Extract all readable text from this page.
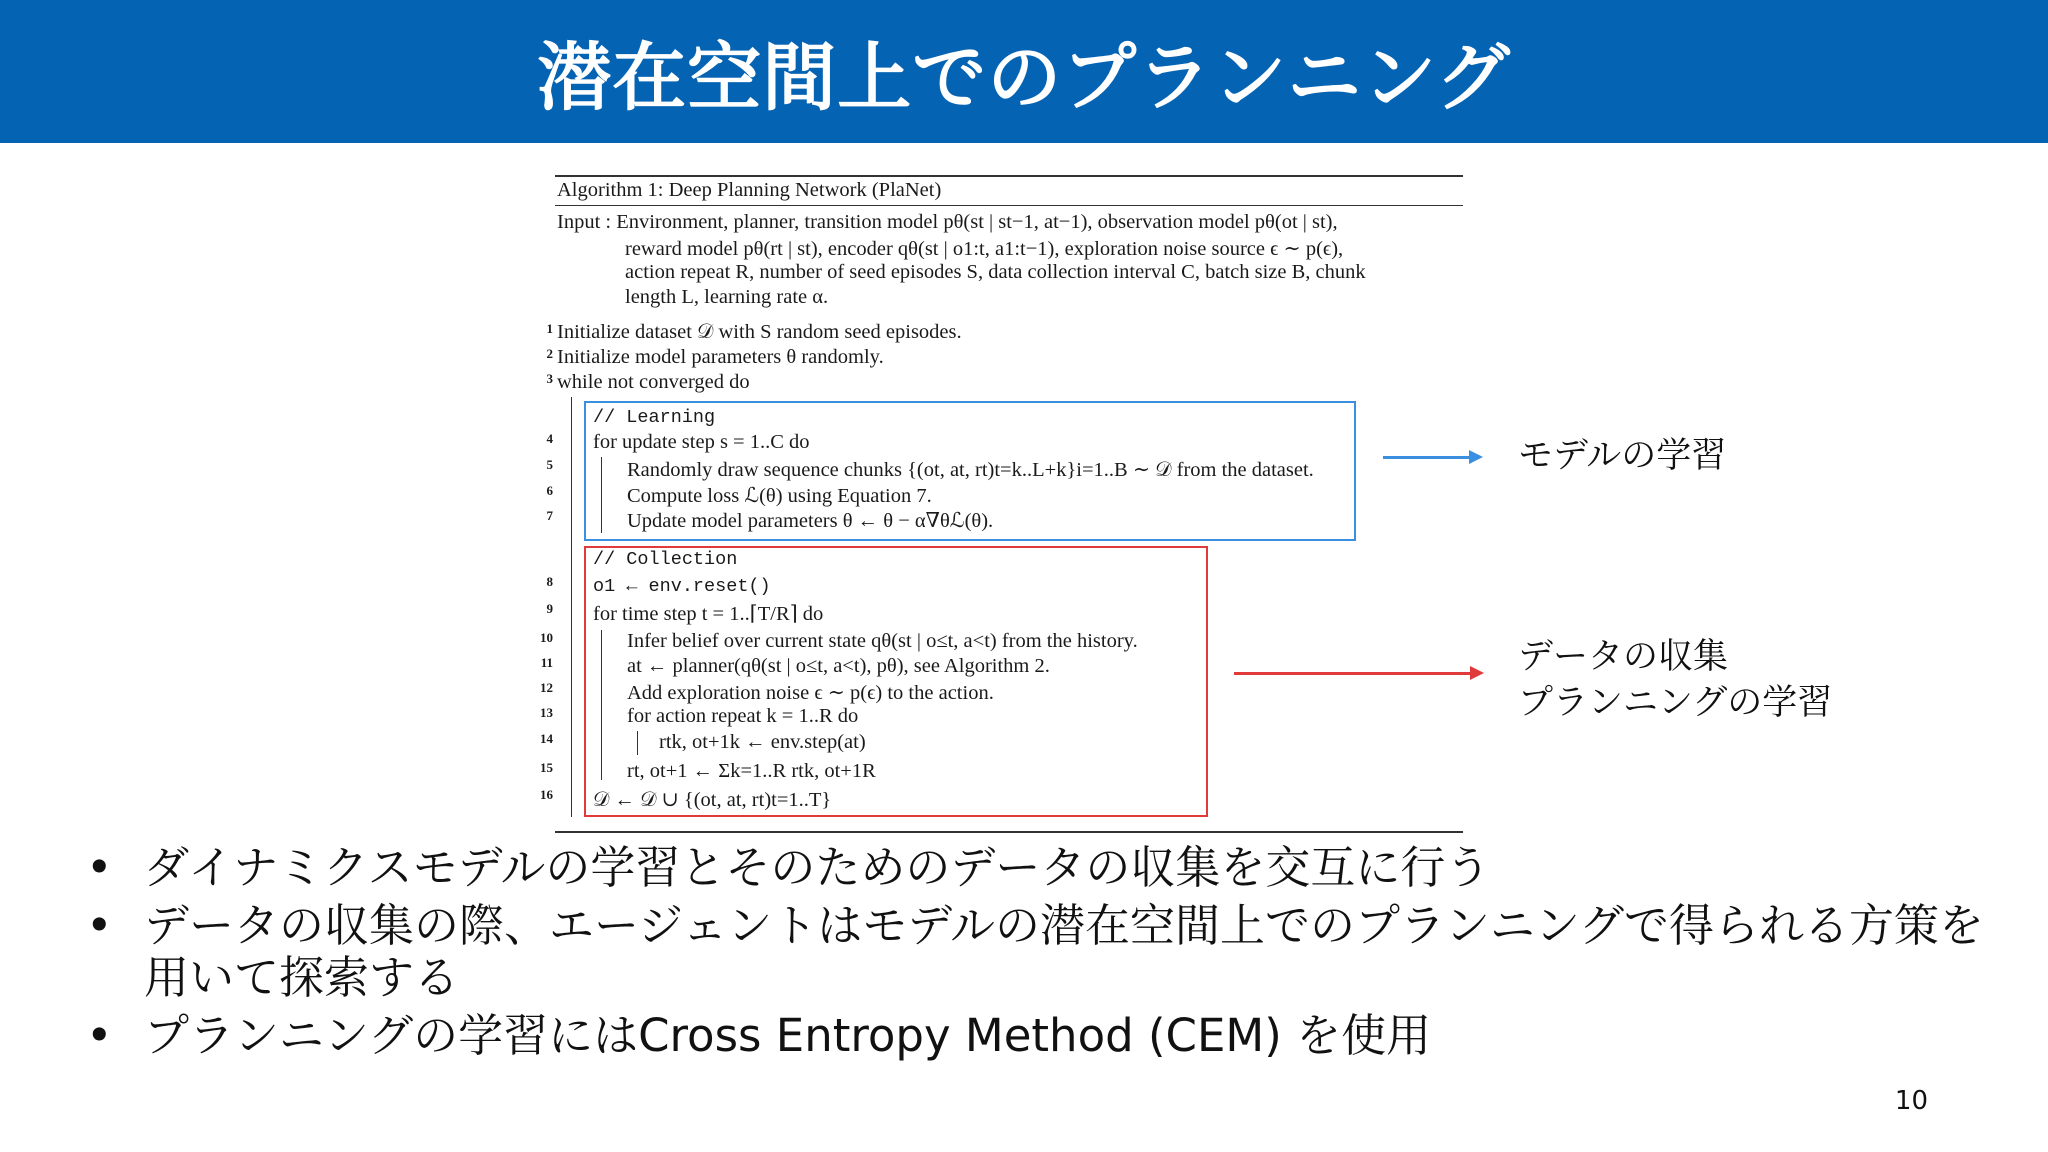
潜在空間上でのプランニング
Algorithm 1: Deep Planning Network (PlaNet)
Input : Environment, planner, transition model pθ(st | st−1, at−1), observation model pθ(ot | st),
reward model pθ(rt | st), encoder qθ(st | o1:t, a1:t−1), exploration noise source ϵ ∼ p(ϵ),
action repeat R, number of seed episodes S, data collection interval C, batch size B, chunk
length L, learning rate α.
1 Initialize dataset 𝒟 with S random seed episodes.
2 Initialize model parameters θ randomly.
3 while not converged do
// Learning
4 for update step s = 1..C do
5	Randomly draw sequence chunks {(ot, at, rt)t=k..L+k}i=1..B ∼ 𝒟 from the dataset.
6	Compute loss ℒ(θ) using Equation 7.
7	Update model parameters θ ← θ − α∇θℒ(θ).
// Collection
8 o1 ← env.reset()
9 for time step t = 1..⌈T/R⌉ do
10	Infer belief over current state qθ(st | o≤t, a<t) from the history.
11	at ← planner(qθ(st | o≤t, a<t), pθ), see Algorithm 2.
12	Add exploration noise ϵ ∼ p(ϵ) to the action.
13	for action repeat k = 1..R do
14	rtk, ot+1k ← env.step(at)
15	rt, ot+1 ← Σk=1..R rtk, ot+1R
16 𝒟 ← 𝒟 ∪ {(ot, at, rt)t=1..T}
モデルの学習
データの収集
プランニングの学習
• ダイナミクスモデルの学習とそのためのデータの収集を交互に行う
• データの収集の際、エージェントはモデルの潜在空間上でのプランニングで得られる方策を用いて探索する
• プランニングの学習にはCross Entropy Method (CEM) を使用
10
